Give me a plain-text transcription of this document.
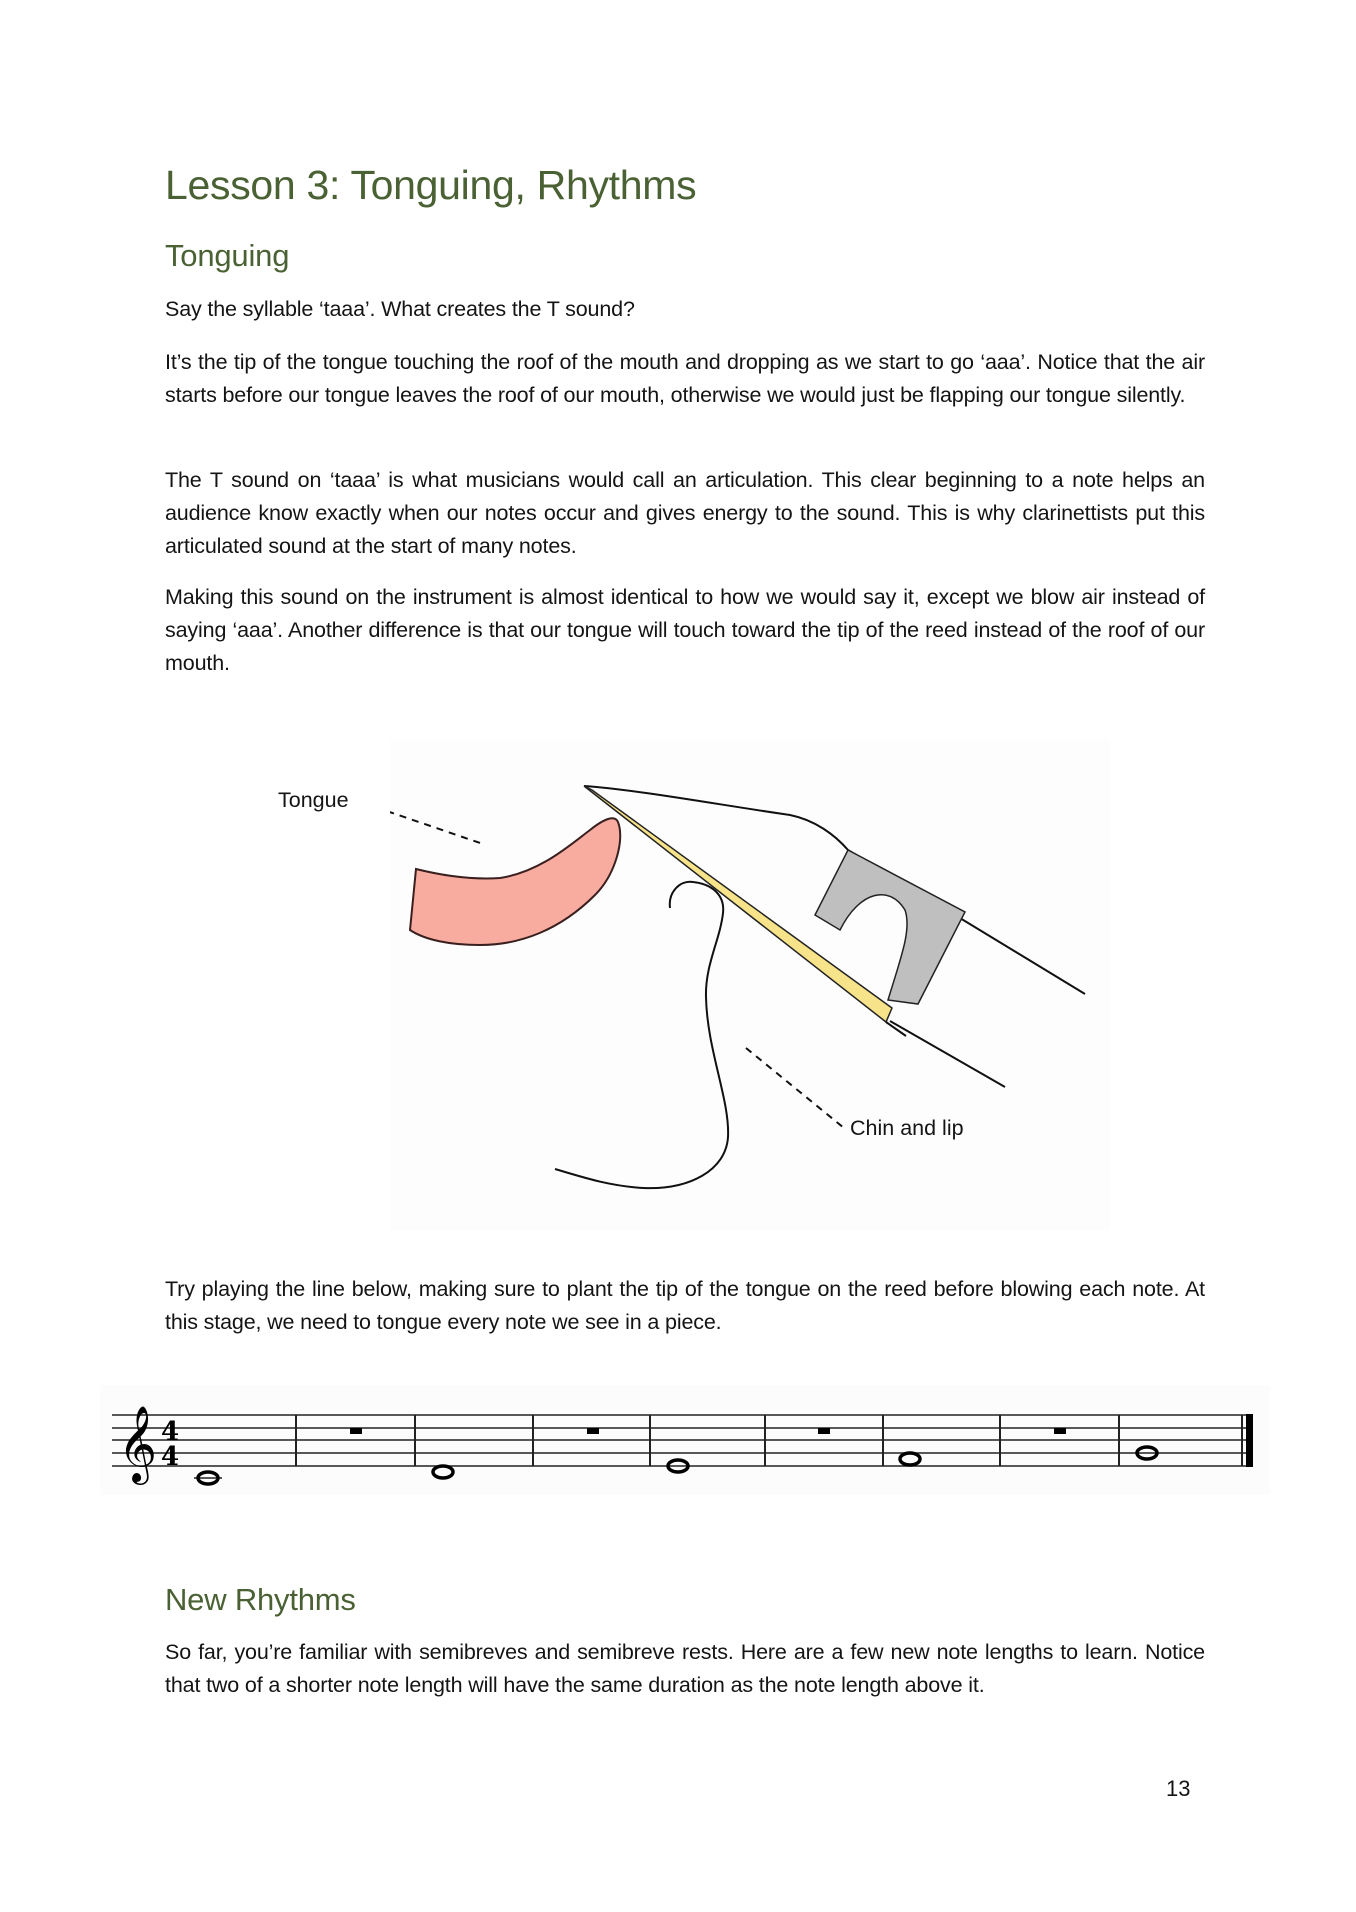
Lesson 3: Tonguing, Rhythms
Tonguing

Say the syllable ‘taaa’. What creates the T sound?

It’s the tip of the tongue touching the roof of the mouth and dropping as we start to go ‘aaa’. Notice that the air starts before our tongue leaves the roof of our mouth, otherwise we would just be flapping our tongue silently.

The T sound on ‘taaa’ is what musicians would call an articulation. This clear beginning to a note helps an audience know exactly when our notes occur and gives energy to the sound. This is why clarinettists put this articulated sound at the start of many notes.

Making this sound on the instrument is almost identical to how we would say it, except we blow air instead of saying ‘aaa’. Another difference is that our tongue will touch toward the tip of the reed instead of the roof of our mouth.

Tongue
Chin and lip

Try playing the line below, making sure to plant the tip of the tongue on the reed before blowing each note. At this stage, we need to tongue every note we see in a piece.

𝄞 4
4
New Rhythms

So far, you’re familiar with semibreves and semibreve rests. Here are a few new note lengths to learn. Notice that two of a shorter note length will have the same duration as the note length above it.

13
